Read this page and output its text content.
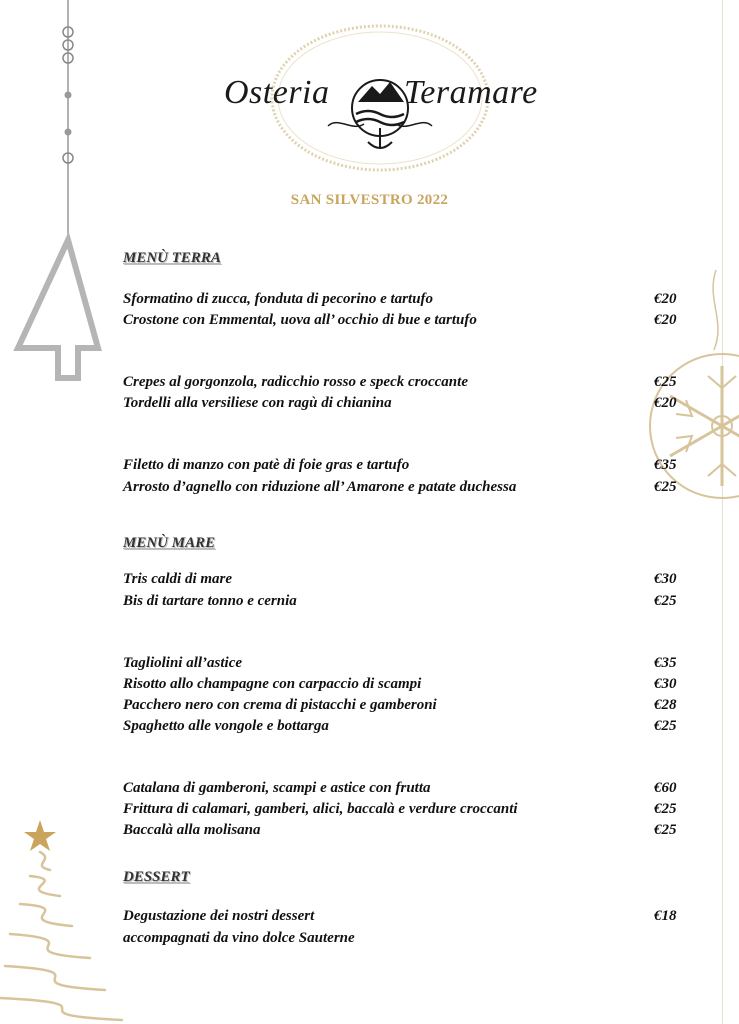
Osteria Teramare
SAN SILVESTRO 2022
MENÙ TERRA
Sformatino di zucca, fonduta di pecorino e tartufo	€20
Crostone con Emmental, uova all’ occhio di bue e tartufo	€20
Crepes al gorgonzola, radicchio rosso e speck croccante	€25
Tordelli alla versiliese con ragù di chianina	€20
Filetto di manzo con patè di foie gras e tartufo	€35
Arrosto d’agnello con riduzione all’ Amarone e patate duchessa	€25
MENÙ MARE
Tris caldi di mare	€30
Bis di tartare tonno e cernia	€25
Tagliolini all’astice	€35
Risotto allo champagne con carpaccio di scampi	€30
Pacchero nero con crema di pistacchi e gamberoni	€28
Spaghetto alle vongole e bottarga	€25
Catalana di gamberoni, scampi e astice con frutta	€60
Frittura di calamari, gamberi, alici, baccalà e verdure croccanti	€25
Baccalà alla molisana	€25
DESSERT
Degustazione dei nostri dessert	€18
accompagnati da vino dolce Sauterne
